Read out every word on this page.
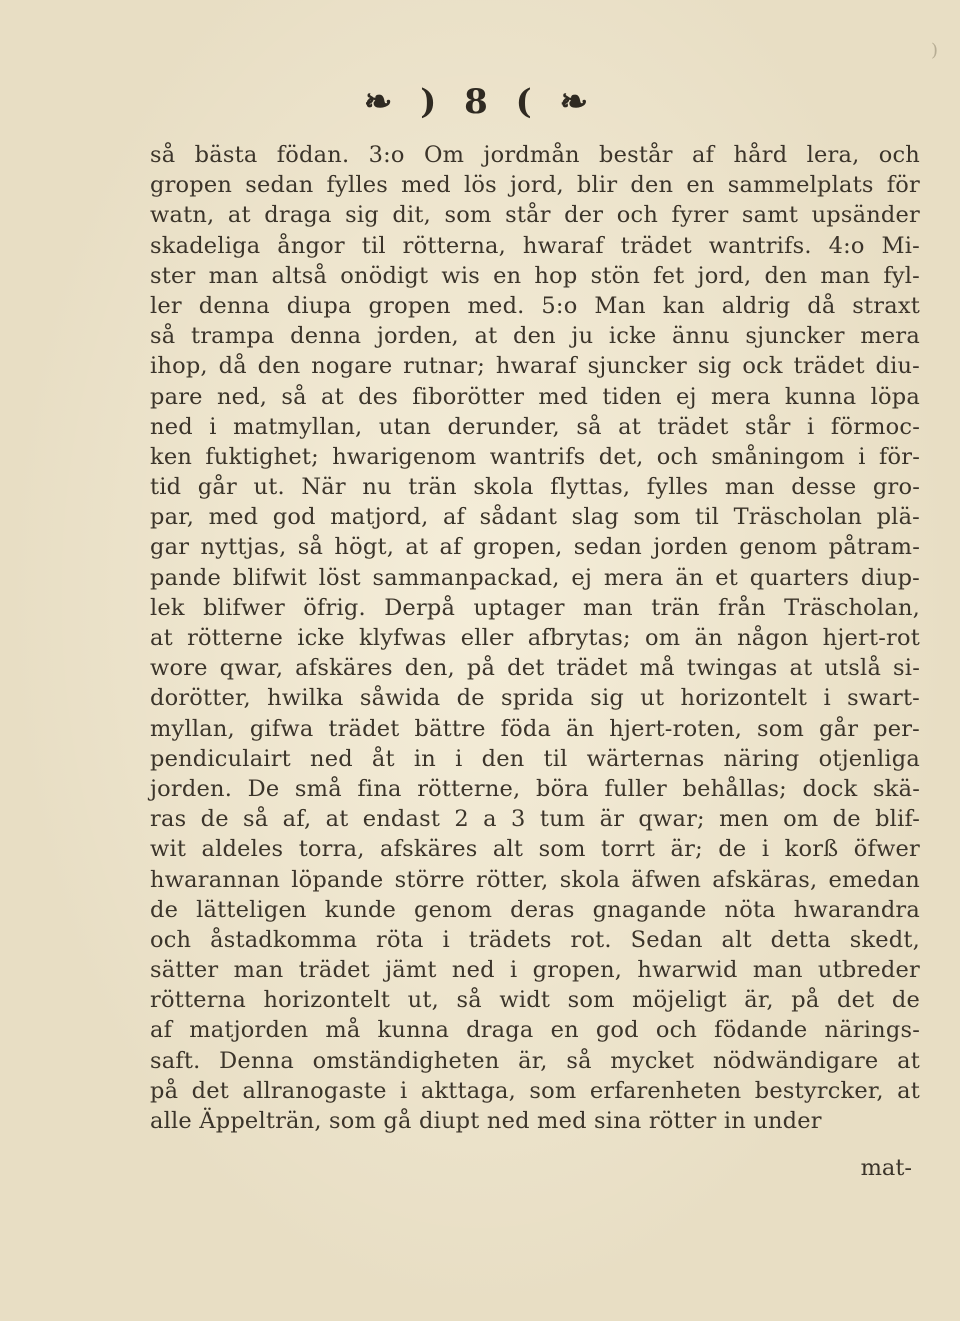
)
❧ ) 8 ( ❧
så bästa födan. 3:o Om jordmån består af hård lera, och
gropen sedan fylles med lös jord, blir den en sammelplats för
watn, at draga sig dit, som står der och fyrer samt upsänder
skadeliga ångor til rötterna, hwaraf trädet wantrifs. 4:o Mi-
ster man altså onödigt wis en hop stön fet jord, den man fyl-
ler denna diupa gropen med. 5:o Man kan aldrig då straxt
så trampa denna jorden, at den ju icke ännu sjuncker mera
ihop, då den nogare rutnar; hwaraf sjuncker sig ock trädet diu-
pare ned, så at des fiborötter med tiden ej mera kunna löpa
ned i matmyllan, utan derunder, så at trädet står i förmoc-
ken fuktighet; hwarigenom wantrifs det, och småningom i för-
tid går ut. När nu trän skola flyttas, fylles man desse gro-
par, med god matjord, af sådant slag som til Träscholan plä-
gar nyttjas, så högt, at af gropen, sedan jorden genom påtram-
pande blifwit löst sammanpackad, ej mera än et quarters diup-
lek blifwer öfrig. Derpå uptager man trän från Träscholan,
at rötterne icke klyfwas eller afbrytas; om än någon hjert-rot
wore qwar, afskäres den, på det trädet må twingas at utslå si-
dorötter, hwilka såwida de sprida sig ut horizontelt i swart-
myllan, gifwa trädet bättre föda än hjert-roten, som går per-
pendiculairt ned åt in i den til wärternas näring otjenliga
jorden. De små fina rötterne, böra fuller behållas; dock skä-
ras de så af, at endast 2 a 3 tum är qwar; men om de blif-
wit aldeles torra, afskäres alt som torrt är; de i korß öfwer
hwarannan löpande större rötter, skola äfwen afskäras, emedan
de lätteligen kunde genom deras gnagande nöta hwarandra
och åstadkomma röta i trädets rot. Sedan alt detta skedt,
sätter man trädet jämt ned i gropen, hwarwid man utbreder
rötterna horizontelt ut, så widt som möjeligt är, på det de
af matjorden må kunna draga en god och födande närings-
saft. Denna omständigheten är, så mycket nödwändigare at
på det allranogaste i akttaga, som erfarenheten bestyrcker, at
alle Äppelträn, som gå diupt ned med sina rötter in under
mat-
